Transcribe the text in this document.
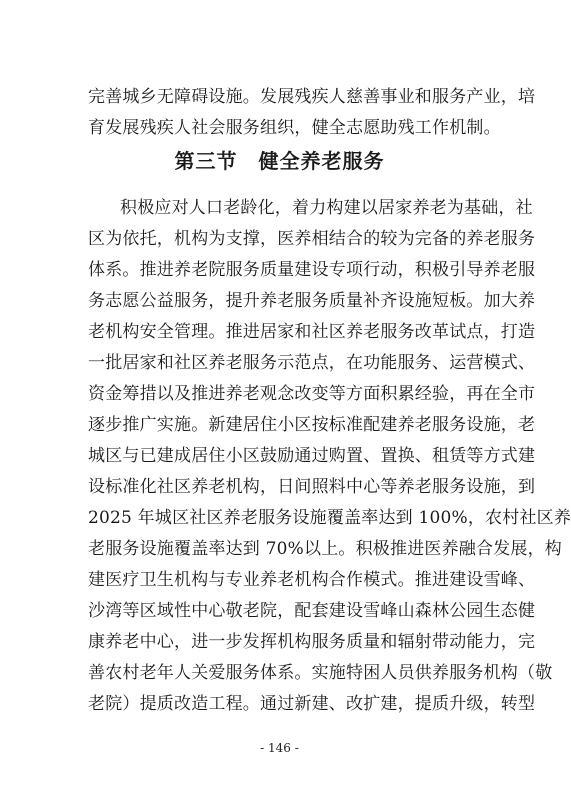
完善城乡无障碍设施。发展残疾人慈善事业和服务产业，培
育发展残疾人社会服务组织，健全志愿助残工作机制。
第三节　健全养老服务
积极应对人口老龄化，着力构建以居家养老为基础，社
区为依托，机构为支撑，医养相结合的较为完备的养老服务
体系。推进养老院服务质量建设专项行动，积极引导养老服
务志愿公益服务，提升养老服务质量补齐设施短板。加大养
老机构安全管理。推进居家和社区养老服务改革试点，打造
一批居家和社区养老服务示范点，在功能服务、运营模式、
资金筹措以及推进养老观念改变等方面积累经验，再在全市
逐步推广实施。新建居住小区按标准配建养老服务设施，老
城区与已建成居住小区鼓励通过购置、置换、租赁等方式建
设标准化社区养老机构，日间照料中心等养老服务设施，到
2025 年城区社区养老服务设施覆盖率达到 100%，农村社区养
老服务设施覆盖率达到 70%以上。积极推进医养融合发展，构
建医疗卫生机构与专业养老机构合作模式。推进建设雪峰、
沙湾等区域性中心敬老院，配套建设雪峰山森林公园生态健
康养老中心，进一步发挥机构服务质量和辐射带动能力，完
善农村老年人关爱服务体系。实施特困人员供养服务机构（敬
老院）提质改造工程。通过新建、改扩建，提质升级，转型
- 146 -
